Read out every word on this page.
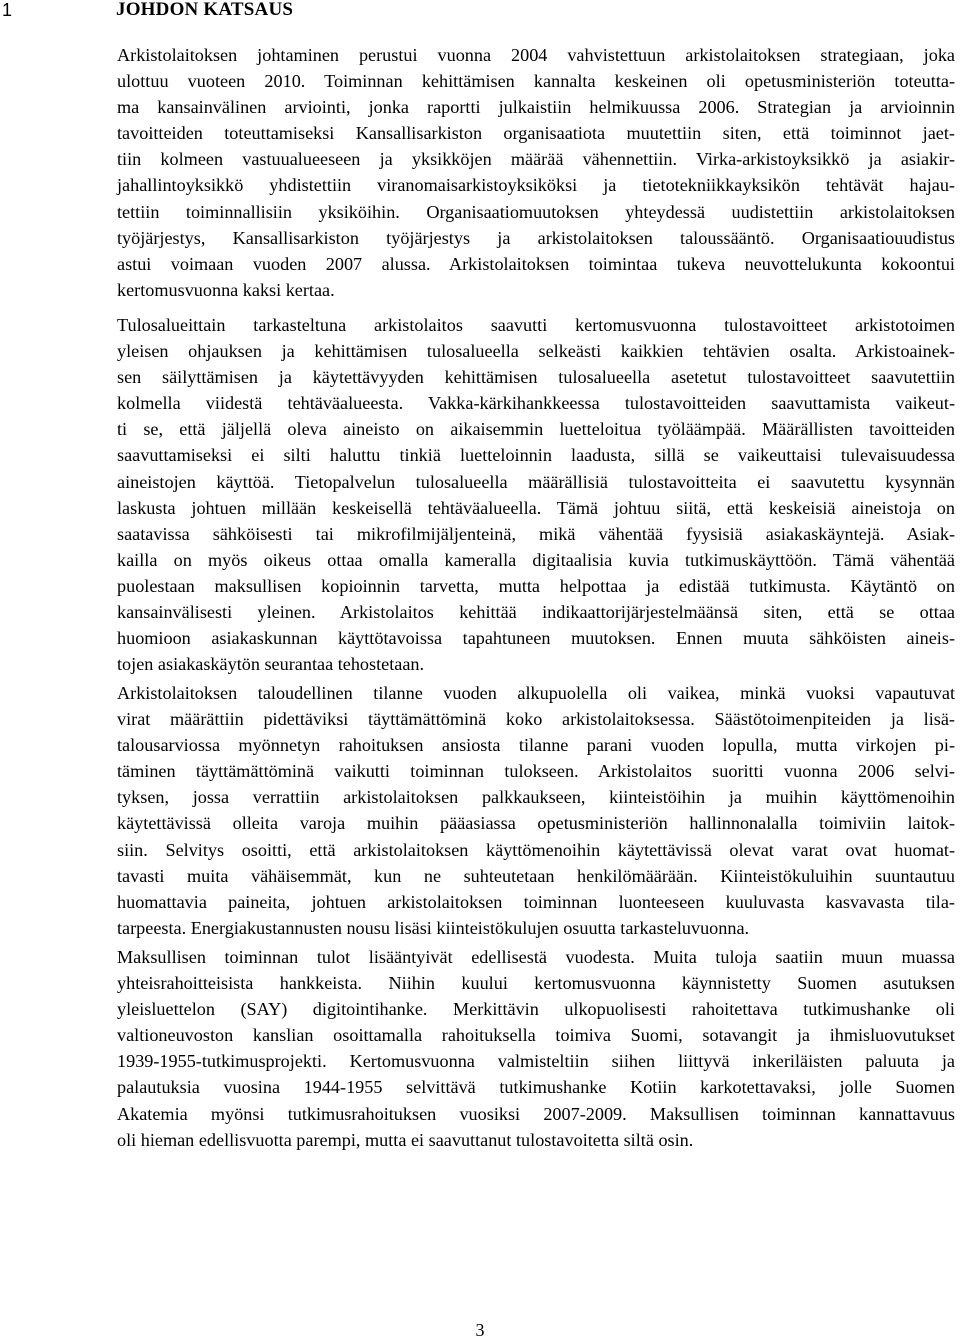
1	JOHDON KATSAUS

Arkistolaitoksen johtaminen perustui vuonna 2004 vahvistettuun arkistolaitoksen strategiaan, joka
ulottuu vuoteen 2010. Toiminnan kehittämisen kannalta keskeinen oli opetusministeriön toteutta-
ma kansainvälinen arviointi, jonka raportti julkaistiin helmikuussa 2006. Strategian ja arvioinnin
tavoitteiden toteuttamiseksi Kansallisarkiston organisaatiota muutettiin siten, että toiminnot jaet-
tiin kolmeen vastuualueeseen ja yksikköjen määrää vähennettiin. Virka-arkistoyksikkö ja asiakir-
jahallintoyksikkö yhdistettiin viranomaisarkistoyksiköksi ja tietotekniikkayksikön tehtävät hajau-
tettiin toiminnallisiin yksiköihin. Organisaatiomuutoksen yhteydessä uudistettiin arkistolaitoksen
työjärjestys, Kansallisarkiston työjärjestys ja arkistolaitoksen taloussääntö. Organisaatiouudistus
astui voimaan vuoden 2007 alussa. Arkistolaitoksen toimintaa tukeva neuvottelukunta kokoontui
kertomusvuonna kaksi kertaa.

Tulosalueittain tarkasteltuna arkistolaitos saavutti kertomusvuonna tulostavoitteet arkistotoimen
yleisen ohjauksen ja kehittämisen tulosalueella selkeästi kaikkien tehtävien osalta. Arkistoainek-
sen säilyttämisen ja käytettävyyden kehittämisen tulosalueella asetetut tulostavoitteet saavutettiin
kolmella viidestä tehtäväalueesta. Vakka-kärkihankkeessa tulostavoitteiden saavuttamista vaikeut-
ti se, että jäljellä oleva aineisto on aikaisemmin luetteloitua työläämpää. Määrällisten tavoitteiden
saavuttamiseksi ei silti haluttu tinkiä luetteloinnin laadusta, sillä se vaikeuttaisi tulevaisuudessa
aineistojen käyttöä. Tietopalvelun tulosalueella määrällisiä tulostavoitteita ei saavutettu kysynnän
laskusta johtuen millään keskeisellä tehtäväalueella. Tämä johtuu siitä, että keskeisiä aineistoja on
saatavissa sähköisesti tai mikrofilmijäljenteinä, mikä vähentää fyysisiä asiakaskäyntejä. Asiak-
kailla on myös oikeus ottaa omalla kameralla digitaalisia kuvia tutkimuskäyttöön. Tämä vähentää
puolestaan maksullisen kopioinnin tarvetta, mutta helpottaa ja edistää tutkimusta. Käytäntö on
kansainvälisesti yleinen. Arkistolaitos kehittää indikaattorijärjestelmäänsä siten, että se ottaa
huomioon asiakaskunnan käyttötavoissa tapahtuneen muutoksen. Ennen muuta sähköisten aineis-
tojen asiakaskäytön seurantaa tehostetaan.

Arkistolaitoksen taloudellinen tilanne vuoden alkupuolella oli vaikea, minkä vuoksi vapautuvat
virat määrättiin pidettäviksi täyttämättöminä koko arkistolaitoksessa. Säästötoimenpiteiden ja lisä-
talousarviossa myönnetyn rahoituksen ansiosta tilanne parani vuoden lopulla, mutta virkojen pi-
täminen täyttämättöminä vaikutti toiminnan tulokseen. Arkistolaitos suoritti vuonna 2006 selvi-
tyksen, jossa verrattiin arkistolaitoksen palkkaukseen, kiinteistöihin ja muihin käyttömenoihin
käytettävissä olleita varoja muihin pääasiassa opetusministeriön hallinnonalalla toimiviin laitok-
siin. Selvitys osoitti, että arkistolaitoksen käyttömenoihin käytettävissä olevat varat ovat huomat-
tavasti muita vähäisemmät, kun ne suhteutetaan henkilömäärään. Kiinteistökuluihin suuntautuu
huomattavia paineita, johtuen arkistolaitoksen toiminnan luonteeseen kuuluvasta kasvavasta tila-
tarpeesta. Energiakustannusten nousu lisäsi kiinteistökulujen osuutta tarkasteluvuonna.

Maksullisen toiminnan tulot lisääntyivät edellisestä vuodesta. Muita tuloja saatiin muun muassa
yhteisrahoitteisista hankkeista. Niihin kuului kertomusvuonna käynnistetty Suomen asutuksen
yleisluettelon (SAY) digitointihanke. Merkittävin ulkopuolisesti rahoitettava tutkimushanke oli
valtioneuvoston kanslian osoittamalla rahoituksella toimiva Suomi, sotavangit ja ihmisluovutukset
1939-1955-tutkimusprojekti. Kertomusvuonna valmisteltiin siihen liittyvä inkeriläisten paluuta ja
palautuksia vuosina 1944-1955 selvittävä tutkimushanke Kotiin karkotettavaksi, jolle Suomen
Akatemia myönsi tutkimusrahoituksen vuosiksi 2007-2009. Maksullisen toiminnan kannattavuus
oli hieman edellisvuotta parempi, mutta ei saavuttanut tulostavoitetta siltä osin.

3
